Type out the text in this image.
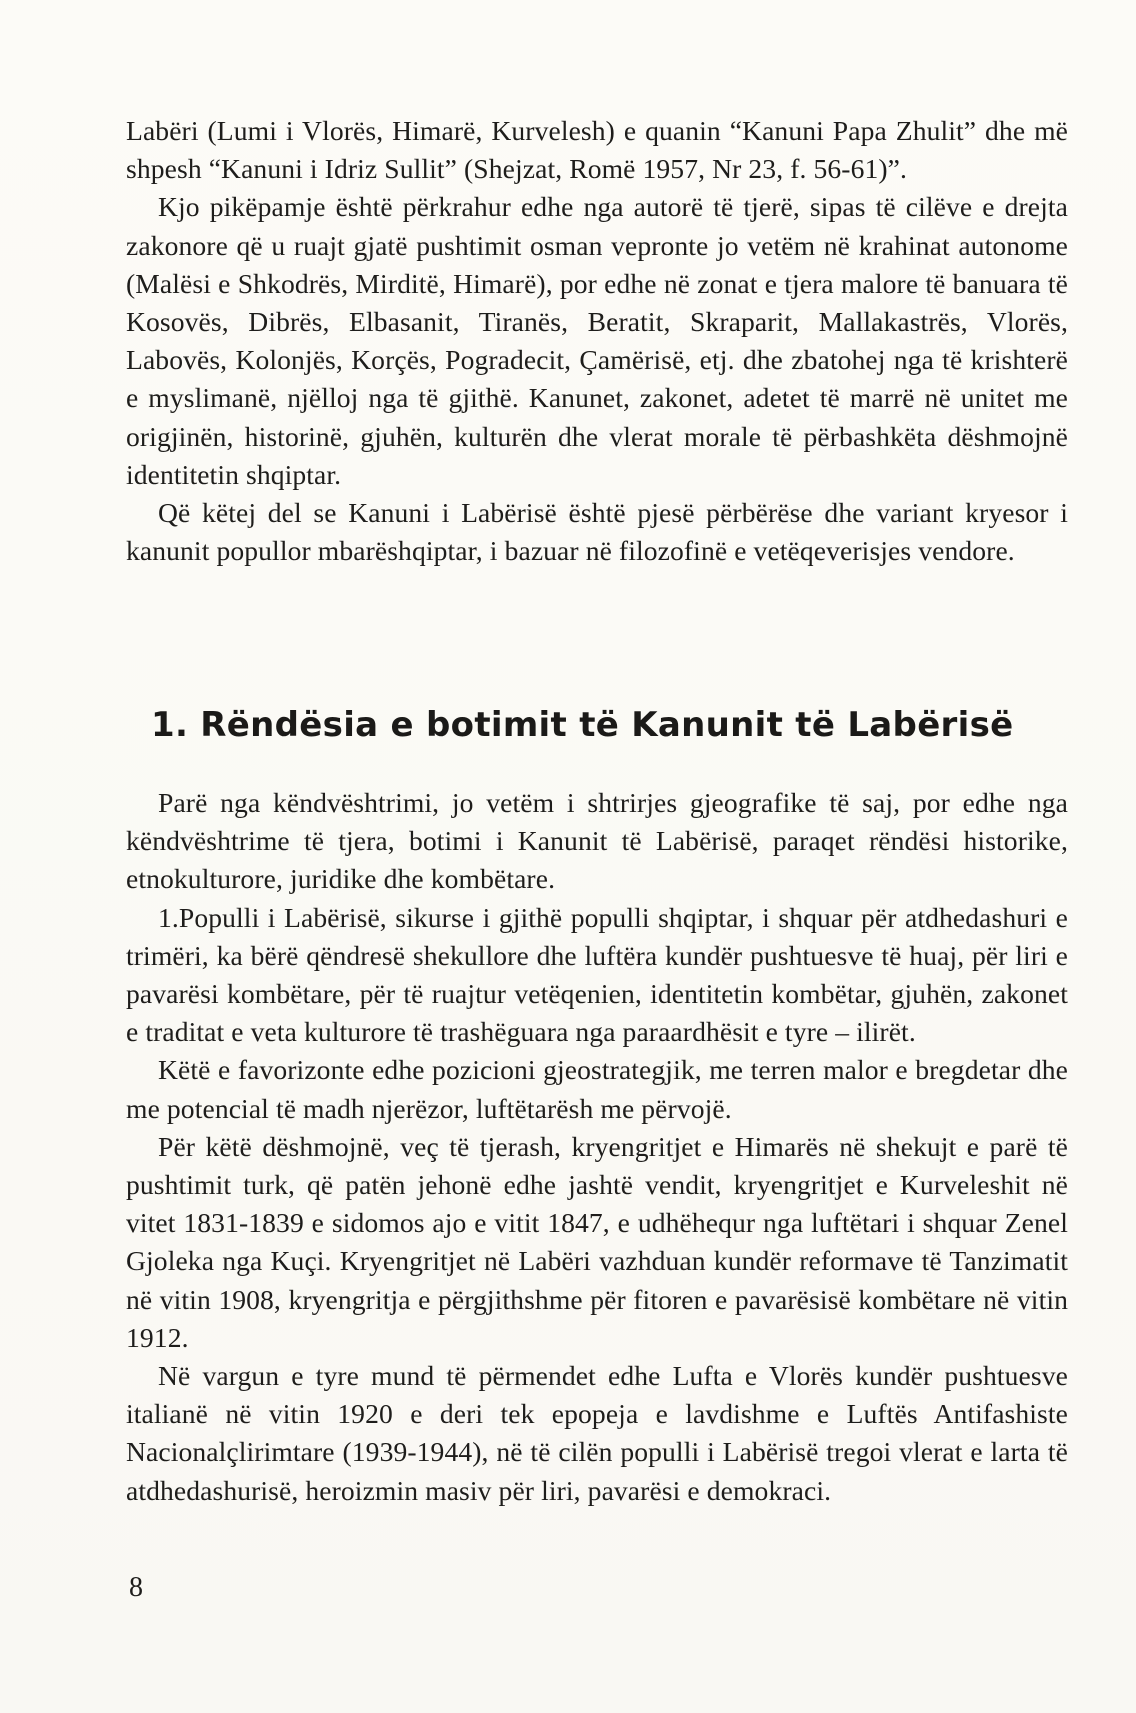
Labëri (Lumi i Vlorës, Himarë, Kurvelesh) e quanin “Kanuni Papa Zhulit” dhe më shpesh “Kanuni i Idriz Sullit” (Shejzat, Romë 1957, Nr 23, f. 56-61)”.

Kjo pikëpamje është përkrahur edhe nga autorë të tjerë, sipas të cilëve e drejta zakonore që u ruajt gjatë pushtimit osman vepronte jo vetëm në krahinat autonome (Malësi e Shkodrës, Mirditë, Himarë), por edhe në zonat e tjera malore të banuara të Kosovës, Dibrës, Elbasanit, Tiranës, Beratit, Skraparit, Mallakastrës, Vlorës, Labovës, Kolonjës, Korçës, Pogradecit, Çamërisë, etj. dhe zbatohej nga të krishterë e myslimanë, njëlloj nga të gjithë. Kanunet, zakonet, adetet të marrë në unitet me origjinën, historinë, gjuhën, kulturën dhe vlerat morale të përbashkëta dëshmojnë identitetin shqiptar.

Që këtej del se Kanuni i Labërisë është pjesë përbërëse dhe variant kryesor i kanunit popullor mbarëshqiptar, i bazuar në filozofinë e vetëqeverisjes vendore.

1. Rëndësia e botimit të Kanunit të Labërisë

Parë nga këndvështrimi, jo vetëm i shtrirjes gjeografike të saj, por edhe nga këndvështrime të tjera, botimi i Kanunit të Labërisë, paraqet rëndësi historike, etnokulturore, juridike dhe kombëtare.

1.Populli i Labërisë, sikurse i gjithë populli shqiptar, i shquar për atdhedashuri e trimëri, ka bërë qëndresë shekullore dhe luftëra kundër pushtuesve të huaj, për liri e pavarësi kombëtare, për të ruajtur vetëqenien, identitetin kombëtar, gjuhën, zakonet e traditat e veta kulturore të trashëguara nga paraardhësit e tyre – ilirët.

Këtë e favorizonte edhe pozicioni gjeostrategjik, me terren malor e bregdetar dhe me potencial të madh njerëzor, luftëtarësh me përvojë.

Për këtë dëshmojnë, veç të tjerash, kryengritjet e Himarës në shekujt e parë të pushtimit turk, që patën jehonë edhe jashtë vendit, kryengritjet e Kurveleshit në vitet 1831-1839 e sidomos ajo e vitit 1847, e udhëhequr nga luftëtari i shquar Zenel Gjoleka nga Kuçi. Kryengritjet në Labëri vazhduan kundër reformave të Tanzimatit në vitin 1908, kryengritja e përgjithshme për fitoren e pavarësisë kombëtare në vitin 1912.

Në vargun e tyre mund të përmendet edhe Lufta e Vlorës kundër pushtuesve italianë në vitin 1920 e deri tek epopeja e lavdishme e Luftës Antifashiste Nacionalçlirimtare (1939-1944), në të cilën populli i Labërisë tregoi vlerat e larta të atdhedashurisë, heroizmin masiv për liri, pavarësi e demokraci.

8
